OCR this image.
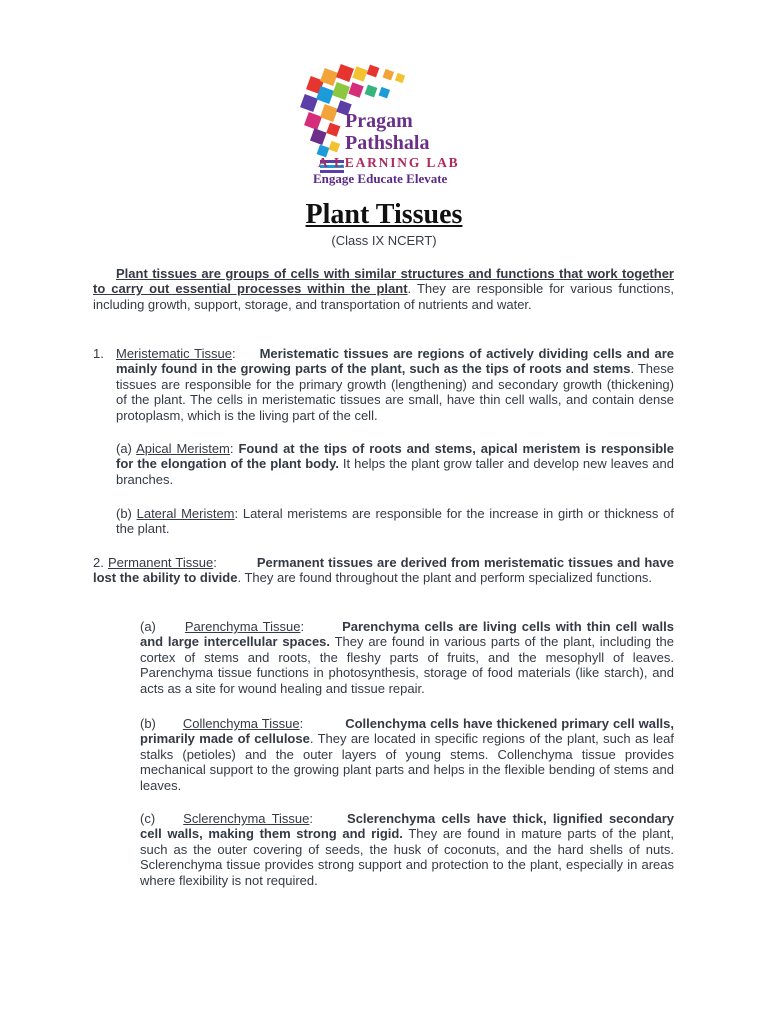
Pragam
Pathshala
A LEARNING LAB
Engage Educate Elevate
Plant Tissues
(Class IX NCERT)

Plant tissues are groups of cells with similar structures and functions that work together to carry out essential processes within the plant. They are responsible for various functions, including growth, support, storage, and transportation of nutrients and water.

1. Meristematic Tissue: Meristematic tissues are regions of actively dividing cells and are mainly found in the growing parts of the plant, such as the tips of roots and stems. These tissues are responsible for the primary growth (lengthening) and secondary growth (thickening) of the plant. The cells in meristematic tissues are small, have thin cell walls, and contain dense protoplasm, which is the living part of the cell.

(a) Apical Meristem: Found at the tips of roots and stems, apical meristem is responsible for the elongation of the plant body. It helps the plant grow taller and develop new leaves and branches.

(b) Lateral Meristem: Lateral meristems are responsible for the increase in girth or thickness of the plant.

2. Permanent Tissue:	Permanent tissues are derived from meristematic tissues and have lost the ability to divide. They are found throughout the plant and perform specialized functions.

(a) Parenchyma Tissue:	Parenchyma cells are living cells with thin cell walls and large intercellular spaces. They are found in various parts of the plant, including the cortex of stems and roots, the fleshy parts of fruits, and the mesophyll of leaves. Parenchyma tissue functions in photosynthesis, storage of food materials (like starch), and acts as a site for wound healing and tissue repair.

(b) Collenchyma Tissue:	Collenchyma cells have thickened primary cell walls, primarily made of cellulose. They are located in specific regions of the plant, such as leaf stalks (petioles) and the outer layers of young stems. Collenchyma tissue provides mechanical support to the growing plant parts and helps in the flexible bending of stems and leaves.

(c) Sclerenchyma Tissue:	Sclerenchyma cells have thick, lignified secondary cell walls, making them strong and rigid. They are found in mature parts of the plant, such as the outer covering of seeds, the husk of coconuts, and the hard shells of nuts. Sclerenchyma tissue provides strong support and protection to the plant, especially in areas where flexibility is not required.
